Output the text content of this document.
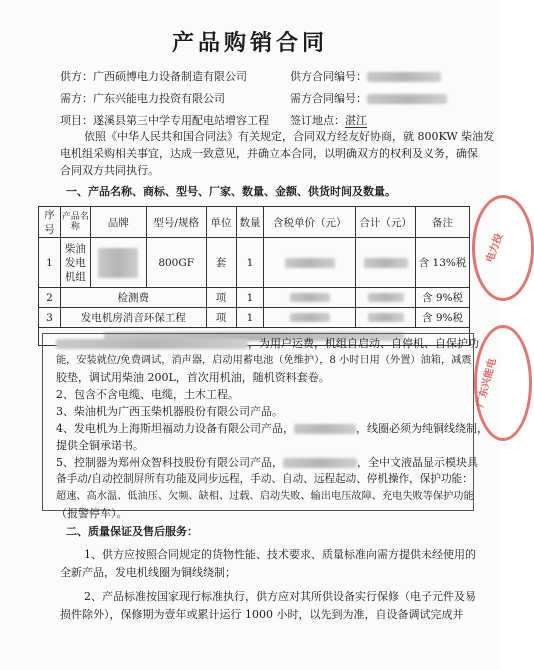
产品购销合同
供方：广西硕博电力设备制造有限公司	供方合同编号：
需方：广东兴能电力投资有限公司	需方合同编号：
项目：遂溪县第三中学专用配电站增容工程 签订地点：湛江
依照《中华人民共和国合同法》有关规定，合同双方经友好协商，就 800KW 柴油发
电机组采购相关事宜，达成一致意见，并确立本合同，以明确双方的权利及义务，确保
合同双方共同执行。
一、产品名称、商标、型号、厂家、数量、金额、供货时间及数量。
序号	产品名称	品牌	型号/规格	单位	数量	含税单价（元）	合计（元）	备注
1	柴油发电机组		800GF	套	1			含 13%税
2	检测费			项	1			含 9%税
3	发电机房消音环保工程			项	1			含 9%税

，为用户运费，机组自启动、自停机、自保护功
能，安装就位/免费调试，消声器，启动用蓄电池（免维护），8 小时日用（外置）油箱，减震
胶垫，调试用柴油 200L，首次用机油，随机资料套卷。
2、包含不含电缆、电缆，土木工程。
3、柴油机为广西玉柴机器股份有限公司产品。
4、发电机为上海斯坦福动力设备有限公司产品，	，线圈必须为纯铜线绕制，
提供全铜承诺书。
5、控制器为郑州众智科技股份有限公司产品，	，全中文液晶显示模块具
备手动/自动控制屏所有功能及同步远程，手动、自动、远程起动、停机操作，保护功能：
超速、高水温、低油压、欠频、缺相、过载、启动失败、输出电压故障、充电失败等保护功能
（报警停车）。
二、质量保证及售后服务：
1、供方应按照合同规定的货物性能、技术要求、质量标准向需方提供未经使用的
全新产品，发电机线圈为铜线绕制；
2、产品标准按国家现行标准执行，供方应对其所供设备实行保修（电子元件及易
损件除外），保修期为壹年或累计运行 1000 小时，以先到为准，自设备调试完成并
电力投
广东兴能电
